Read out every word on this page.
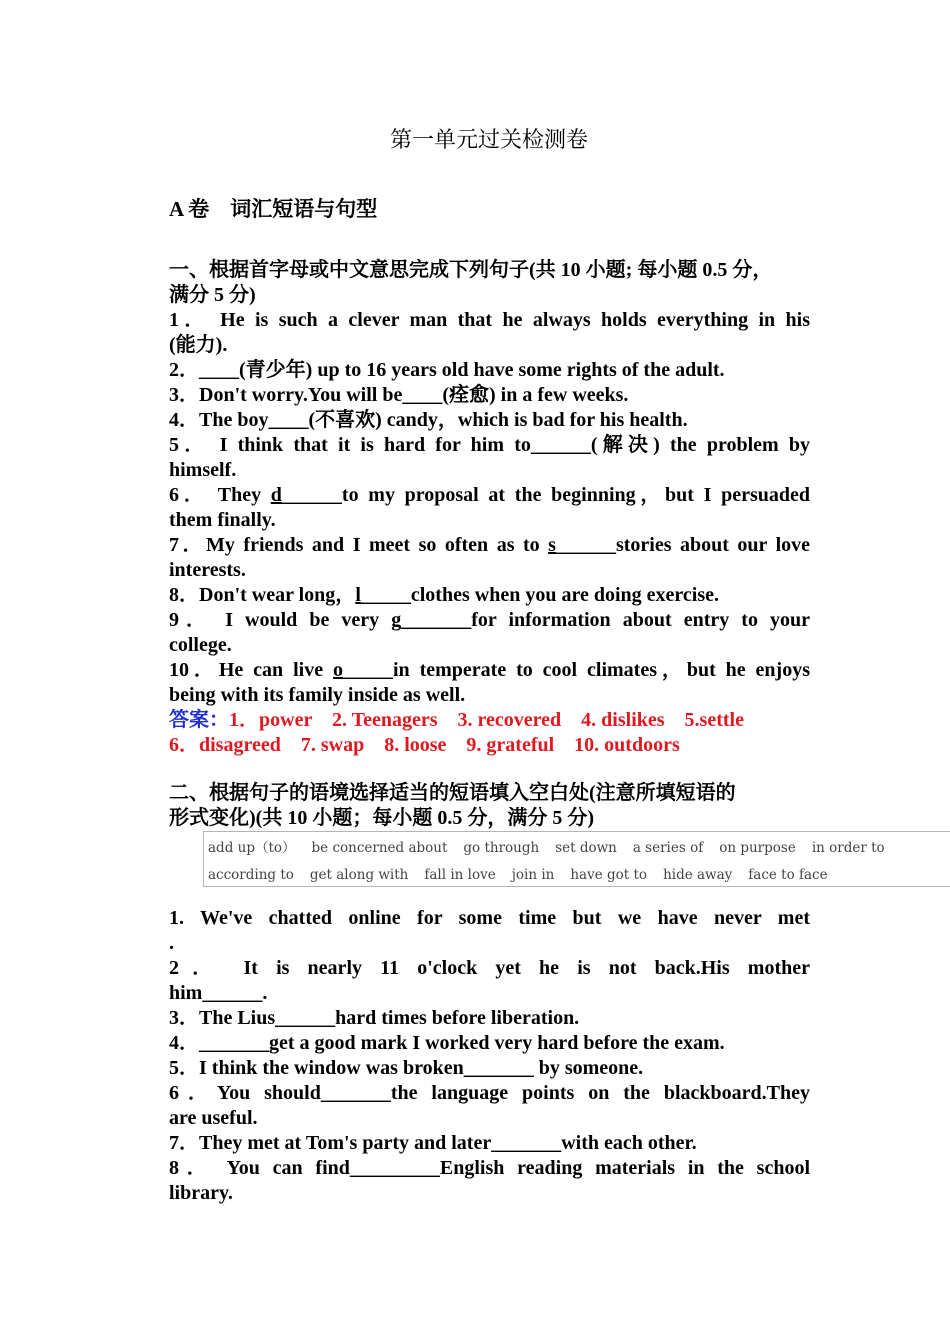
第一单元过关检测卷
A 卷    词汇短语与句型
一、根据首字母或中文意思完成下列句子(共 10 小题; 每小题 0.5 分，
满分 5 分)
1． He is such a clever man that he always holds everything in his
(能力).
2．____(青少年) up to 16 years old have some rights of the adult.
3．Don't worry.You will be____(痊愈) in a few weeks.
4．The boy____(不喜欢) candy，which is bad for his health.
5． I think that it is hard for him to______(解决) the problem by
himself.
6． They d______to my proposal at the beginning，but I persuaded
them finally.
7．My friends and I meet so often as to s______stories about our love
interests.
8．Don't wear long，l_____clothes when you are doing exercise.
9． I would be very g_______for information about entry to your
college.
10．He can live o_____in temperate to cool climates，but he enjoys
being with its family inside as well.
答案：1．power    2. Teenagers    3. recovered    4. dislikes    5.settle
6．disagreed    7. swap    8. loose    9. grateful    10. outdoors
二、根据句子的语境选择适当的短语填入空白处(注意所填短语的
形式变化)(共 10 小题；每小题 0.5 分，满分 5 分)
add up（to） be concerned about go through set down a series of on purpose in order to
according to get along with fall in love join in have got to hide away face to face
1. We've chatted online for some time but we have never met
.
2． It is nearly 11 o'clock yet he is not back.His mother
him______.
3．The Lius______hard times before liberation.
4．_______get a good mark I worked very hard before the exam.
5．I think the window was broken_______ by someone.
6．You should_______the language points on the blackboard.They
are useful.
7．They met at Tom's party and later_______with each other.
8． You can find_________English reading materials in the school
library.
